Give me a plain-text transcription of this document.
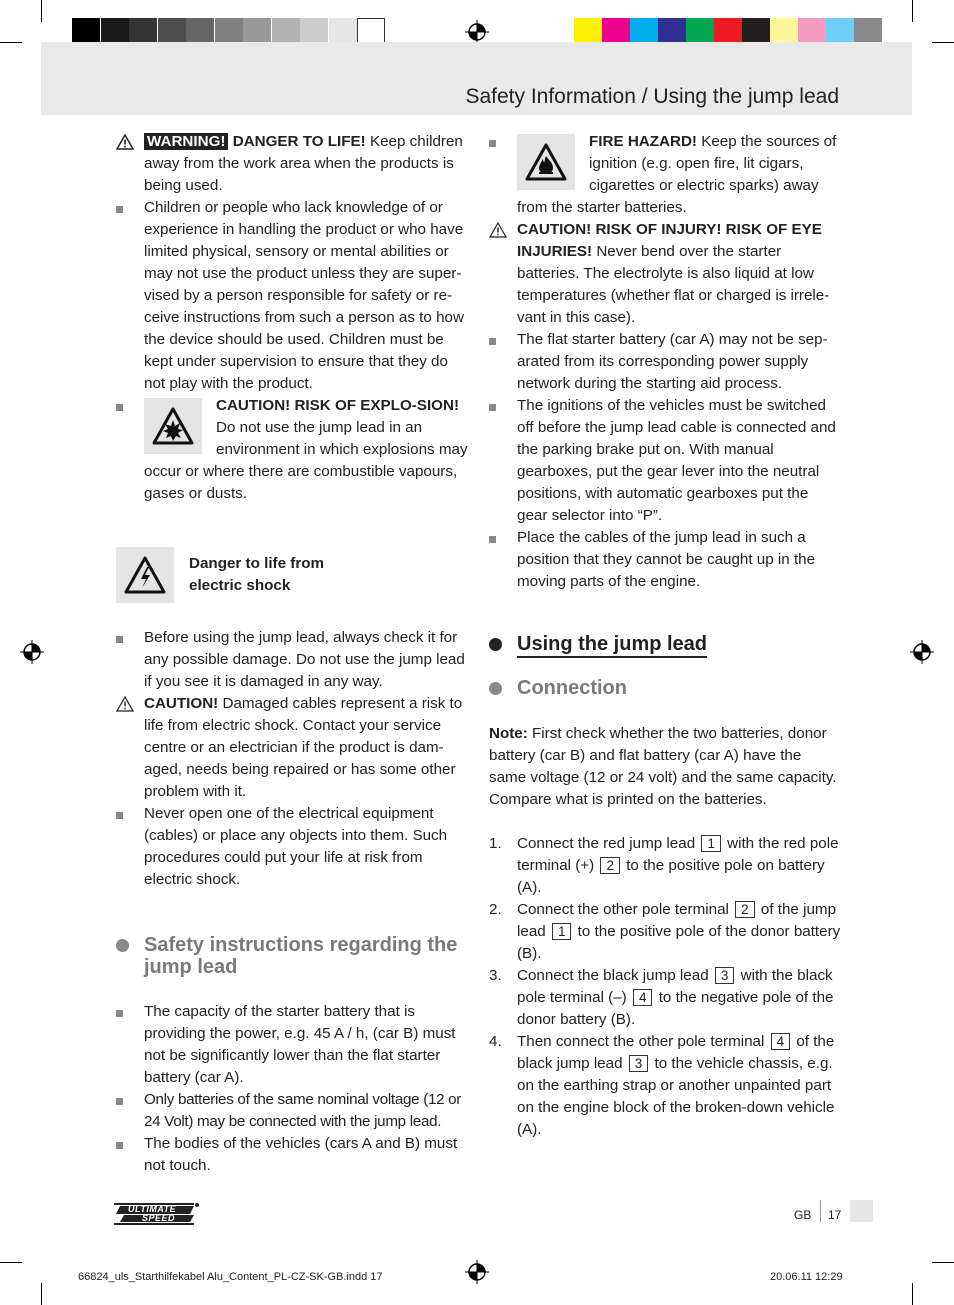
Safety Information / Using the jump lead
WARNING! DANGER TO LIFE! Keep children away from the work area when the products is being used.
Children or people who lack knowledge of or experience in handling the product or who have limited physical, sensory or mental abilities or may not use the product unless they are super-vised by a person responsible for safety or re-ceive instructions from such a person as to how the device should be used. Children must be kept under supervision to ensure that they do not play with the product.
CAUTION! RISK OF EXPLO-SION! Do not use the jump lead in an environment in which explosions may occur or where there are combustible vapours, gases or dusts.
Danger to life from electric shock
Before using the jump lead, always check it for any possible damage. Do not use the jump lead if you see it is damaged in any way.
CAUTION! Damaged cables represent a risk to life from electric shock. Contact your service centre or an electrician if the product is dam-aged, needs being repaired or has some other problem with it.
Never open one of the electrical equipment (cables) or place any objects into them. Such procedures could put your life at risk from electric shock.
Safety instructions regarding the jump lead
The capacity of the starter battery that is providing the power, e.g. 45 A / h, (car B) must not be significantly lower than the flat starter battery (car A).
Only batteries of the same nominal voltage (12 or 24 Volt) may be connected with the jump lead.
The bodies of the vehicles (cars A and B) must not touch.
FIRE HAZARD! Keep the sources of ignition (e.g. open fire, lit cigars, cigarettes or electric sparks) away from the starter batteries.
CAUTION! RISK OF INJURY! RISK OF EYE INJURIES! Never bend over the starter batteries. The electrolyte is also liquid at low temperatures (whether flat or charged is irrele-vant in this case).
The flat starter battery (car A) may not be sep-arated from its corresponding power supply network during the starting aid process.
The ignitions of the vehicles must be switched off before the jump lead cable is connected and the parking brake put on. With manual gearboxes, put the gear lever into the neutral positions, with automatic gearboxes put the gear selector into “P”.
Place the cables of the jump lead in such a position that they cannot be caught up in the moving parts of the engine.
Using the jump lead
Connection
Note: First check whether the two batteries, donor battery (car B) and flat battery (car A) have the same voltage (12 or 24 volt) and the same capacity. Compare what is printed on the batteries.
1. Connect the red jump lead 1 with the red pole terminal (+) 2 to the positive pole on battery (A).
2. Connect the other pole terminal 2 of the jump lead 1 to the positive pole of the donor battery (B).
3. Connect the black jump lead 3 with the black pole terminal (–) 4 to the negative pole of the donor battery (B).
4. Then connect the other pole terminal 4 of the black jump lead 3 to the vehicle chassis, e.g. on the earthing strap or another unpainted part on the engine block of the broken-down vehicle (A).
ULTIMATE
SPEED	GB 17
66824_uls_Starthilfekabel Alu_Content_PL-CZ-SK-GB.indd 17	20.06.11 12:29
